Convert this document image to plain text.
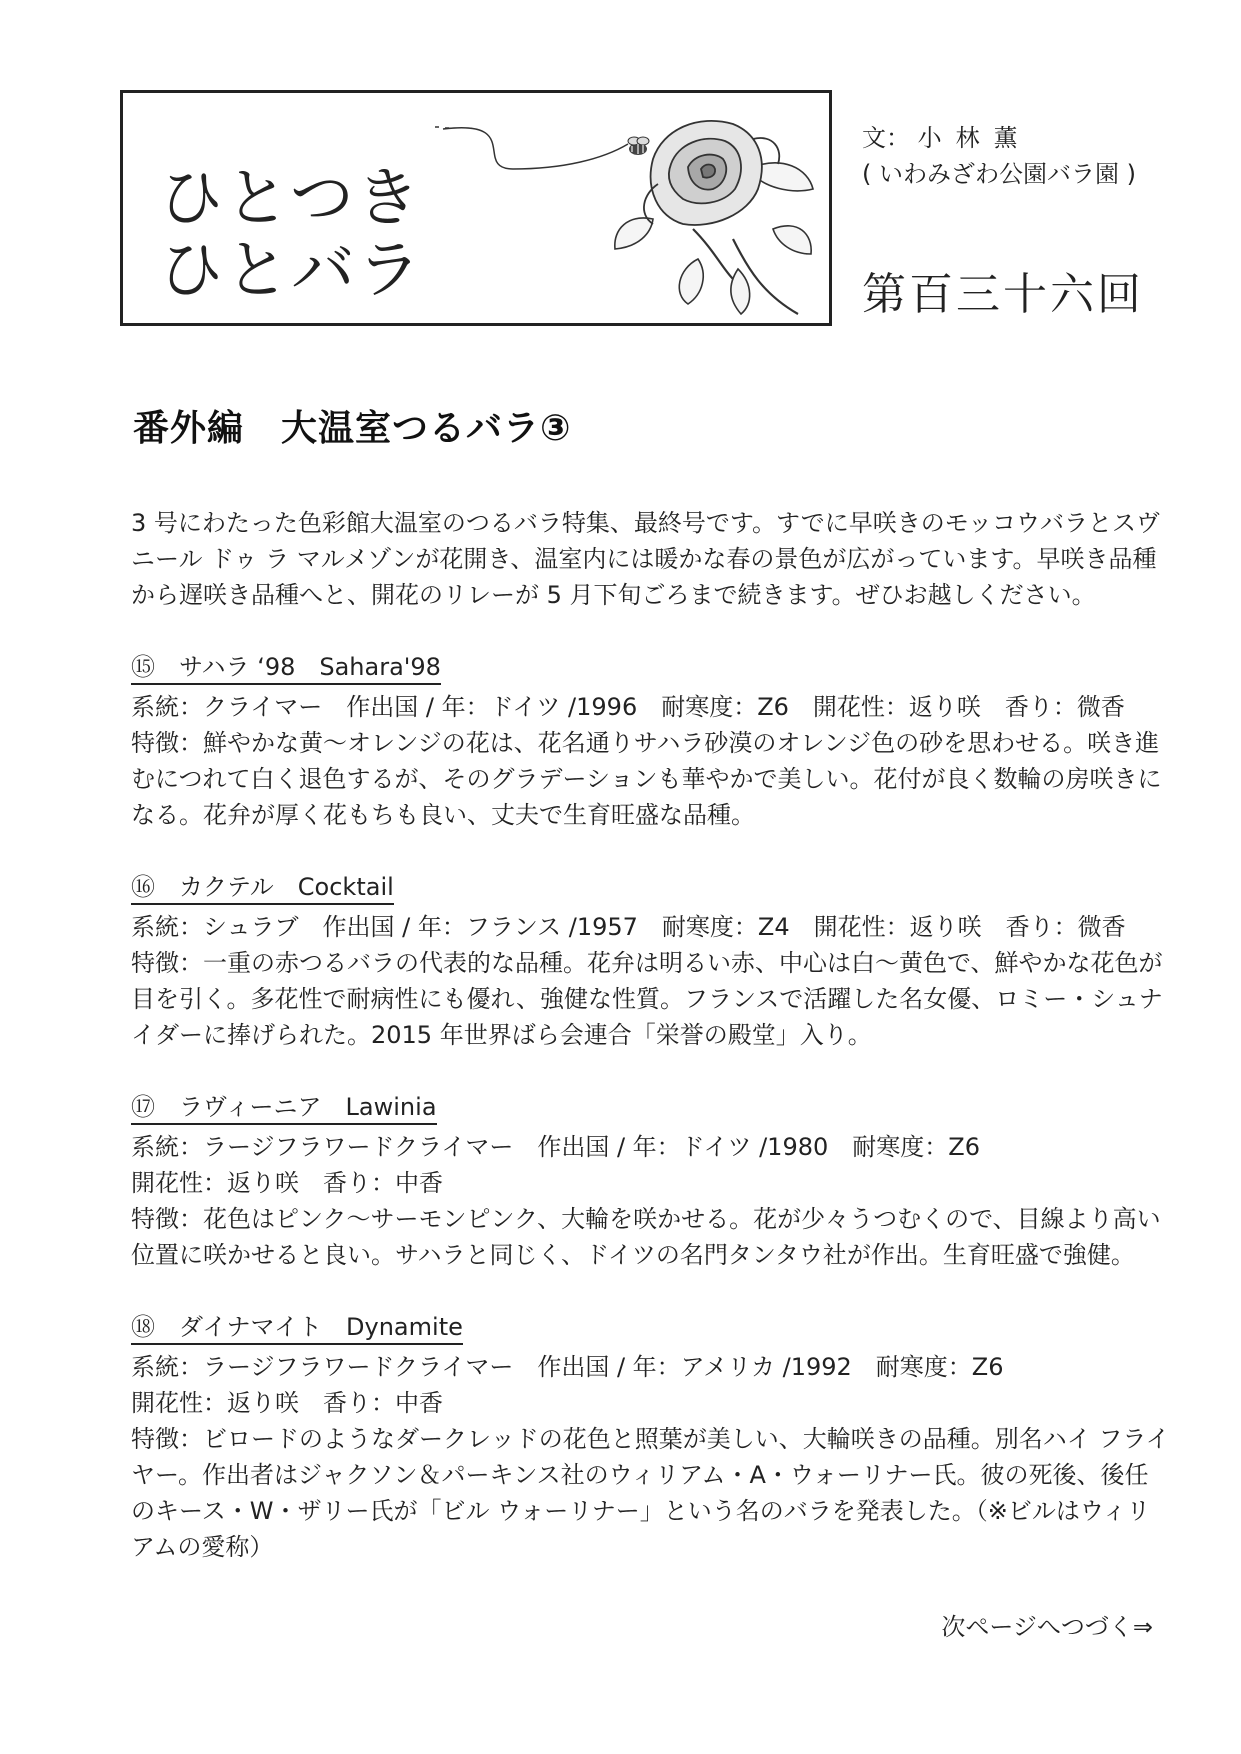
ひとつき
ひとバラ
文： 小林薫
( いわみざわ公園バラ園 )
第百三十六回
番外編　大温室つるバラ③

3 号にわたった色彩館大温室のつるバラ特集、最終号です。すでに早咲きのモッコウバラとスヴニール ドゥ ラ マルメゾンが花開き、温室内には暖かな春の景色が広がっています。早咲き品種から遅咲き品種へと、開花のリレーが 5 月下旬ごろまで続きます。ぜひお越しください。

⑮　 サハラ ‘98　Sahara'98

系統：クライマー　作出国 / 年：ドイツ /1996　耐寒度：Z6　開花性：返り咲　香り：微香

特徴：鮮やかな黄〜オレンジの花は、花名通りサハラ砂漠のオレンジ色の砂を思わせる。咲き進むにつれて白く退色するが、そのグラデーションも華やかで美しい。花付が良く数輪の房咲きになる。花弁が厚く花もちも良い、丈夫で生育旺盛な品種。

⑯　 カクテル　Cocktail

系統：シュラブ　作出国 / 年：フランス /1957　耐寒度：Z4　開花性：返り咲　香り：微香

特徴：一重の赤つるバラの代表的な品種。花弁は明るい赤、中心は白〜黄色で、鮮やかな花色が目を引く。多花性で耐病性にも優れ、強健な性質。フランスで活躍した名女優、ロミー・シュナイダーに捧げられた。2015 年世界ばら会連合「栄誉の殿堂」入り。

⑰　 ラヴィーニア　Lawinia

系統：ラージフラワードクライマー　作出国 / 年：ドイツ /1980　耐寒度：Z6

開花性：返り咲　香り：中香

特徴：花色はピンク〜サーモンピンク、大輪を咲かせる。花が少々うつむくので、目線より高い位置に咲かせると良い。サハラと同じく、ドイツの名門タンタウ社が作出。生育旺盛で強健。

⑱　 ダイナマイト　Dynamite

系統：ラージフラワードクライマー　作出国 / 年：アメリカ /1992　耐寒度：Z6

開花性：返り咲　香り：中香

特徴：ビロードのようなダークレッドの花色と照葉が美しい、大輪咲きの品種。別名ハイ フライヤー。作出者はジャクソン＆パーキンス社のウィリアム・A・ウォーリナー氏。彼の死後、後任のキース・W・ザリー氏が「ビル ウォーリナー」という名のバラを発表した。（※ビルはウィリアムの愛称）

次ページへつづく⇒
